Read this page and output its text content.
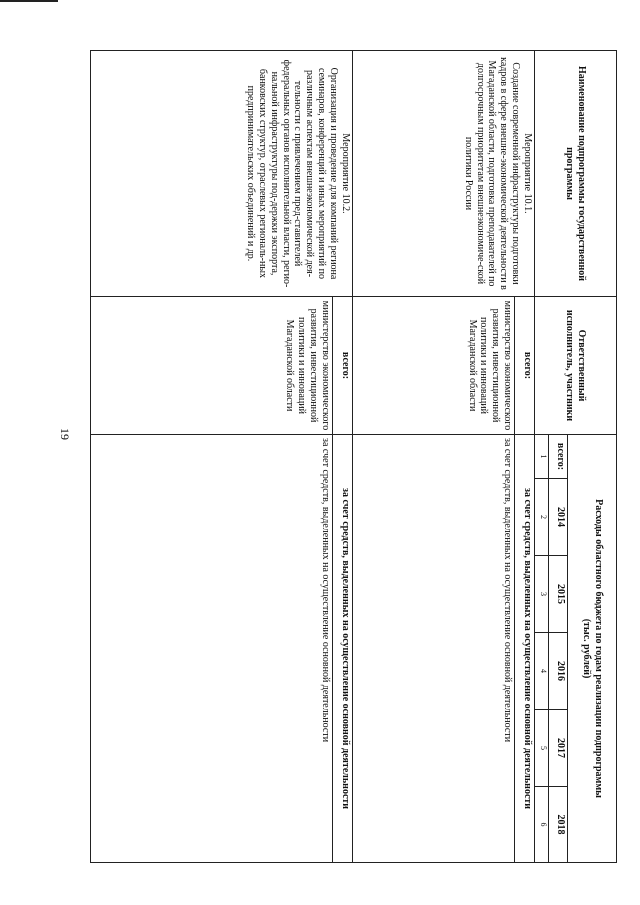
19
Наименование подпрограммы государственной программы	Ответственный исполнитель, участники	Расходы областного бюджета по годам реализации подпрограммы
(тыс. рублей)						

		всего:	2014	2015	2016	2017	2018	
		1	2	3	4	5	6		

Мероприятие 10.1.
Создание современной инфраструктуры подготовки кадров в сфере внешне-экономической деятельности в Магаданской области, подготовка преподавателей по долгосрочным приоритетам внешнеэкономиче-ской политики России	всего:	за счет средств, выделенных на осуществление основной деятельности						
	министерство экономического развития, инвестиционной политики и инноваций Магаданской области	за счет средств, выделенных на осуществление основной деятельности						

Мероприятие 10.2.
Организация и проведение для компаний региона семинаров, конференций и иных мероприятий по различным аспектам внешнеэкономической дея-тельности с привлечением пред-ставителей федеральных органов исполнительной власти, регио-нальной инфраструктуры под-держки экспорта, банковских структур, отраслевых региональ-ных предпринимательских объединений и др.	всего:	за счет средств, выделенных на осуществление основной деятельности						
	министерство экономического развития, инвестиционной политики и инноваций Магаданской области	за счет средств, выделенных на осуществление основной деятельности						
